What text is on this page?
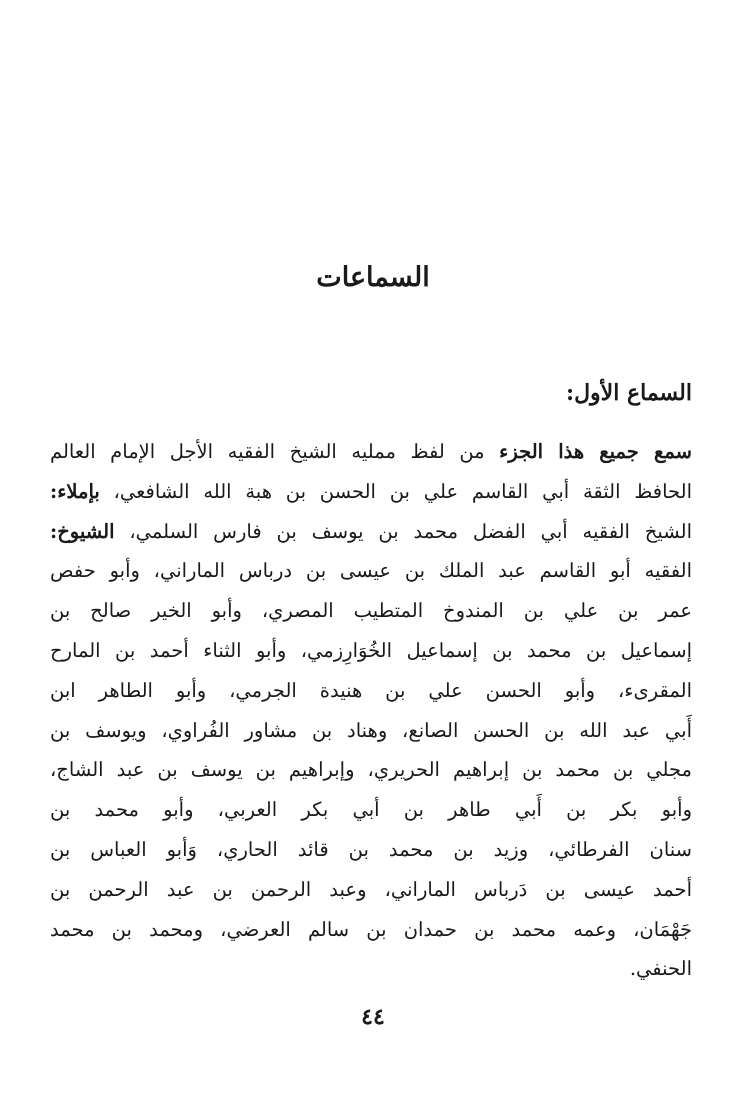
السماعات
السماع الأول:
سمع جميع هذا الجزء من لفظ مملیه الشيخ الفقيه الأجل الإمام العالم
الحافظ الثقة أبي القاسم علي بن الحسن بن هبة الله الشافعي، بإملاء:
الشيخ الفقيه أبي الفضل محمد بن يوسف بن فارس السلمي، الشيوخ:
الفقيه أبو القاسم عبد الملك بن عيسى بن درباس الماراني، وأبو حفص
عمر بن علي بن المندوخ المتطيب المصري، وأبو الخير صالح بن
إسماعيل بن محمد بن إسماعيل الخُوَارِزمي، وأبو الثناء أحمد بن المارح
المقرىء، وأبو الحسن علي بن هنيدة الجرمي، وأبو الطاهر ابن
أَبي عبد الله بن الحسن الصانع، وهناد بن مشاور الفُراوي، ويوسف بن
مجلي بن محمد بن إبراهيم الحريري، وإبراهيم بن يوسف بن عبد الشاج،
وأبو بكر بن أَبي طاهر بن أبي بكر العربي، وأبو محمد بن
سنان الفرطائي، وزيد بن محمد بن قائد الحاري، وَأبو العباس بن
أحمد عيسى بن دَرباس الماراني، وعبد الرحمن بن عبد الرحمن بن
جَهْمَان، وعمه محمد بن حمدان بن سالم العرضي، ومحمد بن محمد
الحنفي.
٤٤
